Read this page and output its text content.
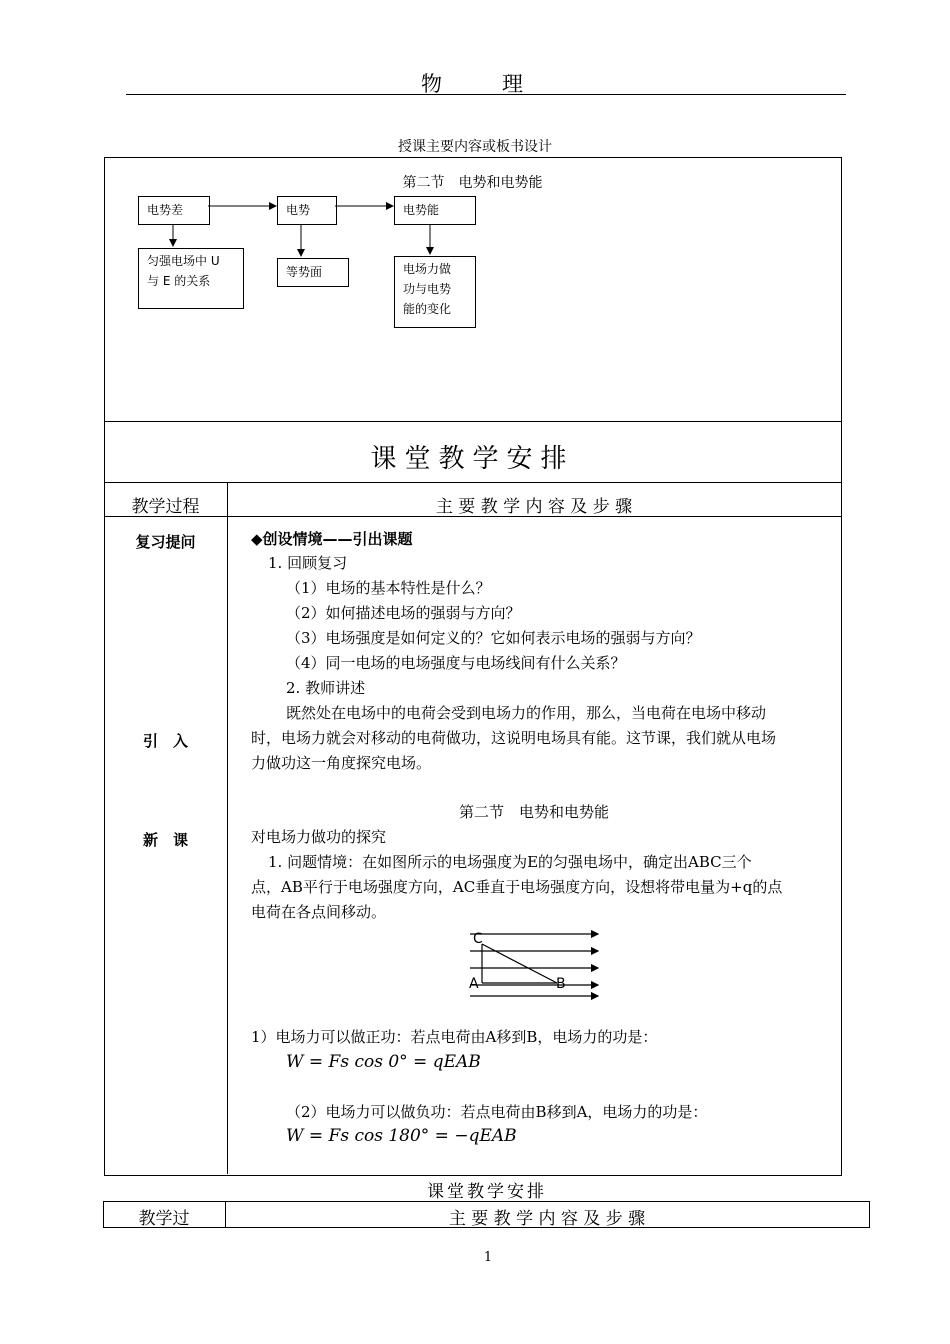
物　　理
授课主要内容或板书设计
第二节　电势和电势能
电势差	电势	电势能
匀强电场中 U
与 E 的关系
等势面	电场力做
功与电势
能的变化
课堂教学安排
教学过程	主 要 教 学 内 容 及 步 骤
复习提问
引　入
新　课
◆创设情境——引出课题
1. 回顾复习
（1）电场的基本特性是什么？
（2）如何描述电场的强弱与方向？
（3）电场强度是如何定义的？它如何表示电场的强弱与方向？
（4）同一电场的电场强度与电场线间有什么关系？
2. 教师讲述
既然处在电场中的电荷会受到电场力的作用，那么，当电荷在电场中移动
时，电场力就会对移动的电荷做功，这说明电场具有能。这节课，我们就从电场
力做功这一角度探究电场。
第二节　电势和电势能
对电场力做功的探究
1. 问题情境：在如图所示的电场强度为E的匀强电场中，确定出ABC三个
点，AB平行于电场强度方向，AC垂直于电场强度方向，设想将带电量为+q的点
电荷在各点间移动。
C
A	B
1）电场力可以做正功：若点电荷由A移到B，电场力的功是：
W = Fs cos 0° = qEAB
（2）电场力可以做负功：若点电荷由B移到A，电场力的功是：
W = Fs cos 180° = −qEAB
课堂教学安排
教学过	主 要 教 学 内 容 及 步 骤
1
